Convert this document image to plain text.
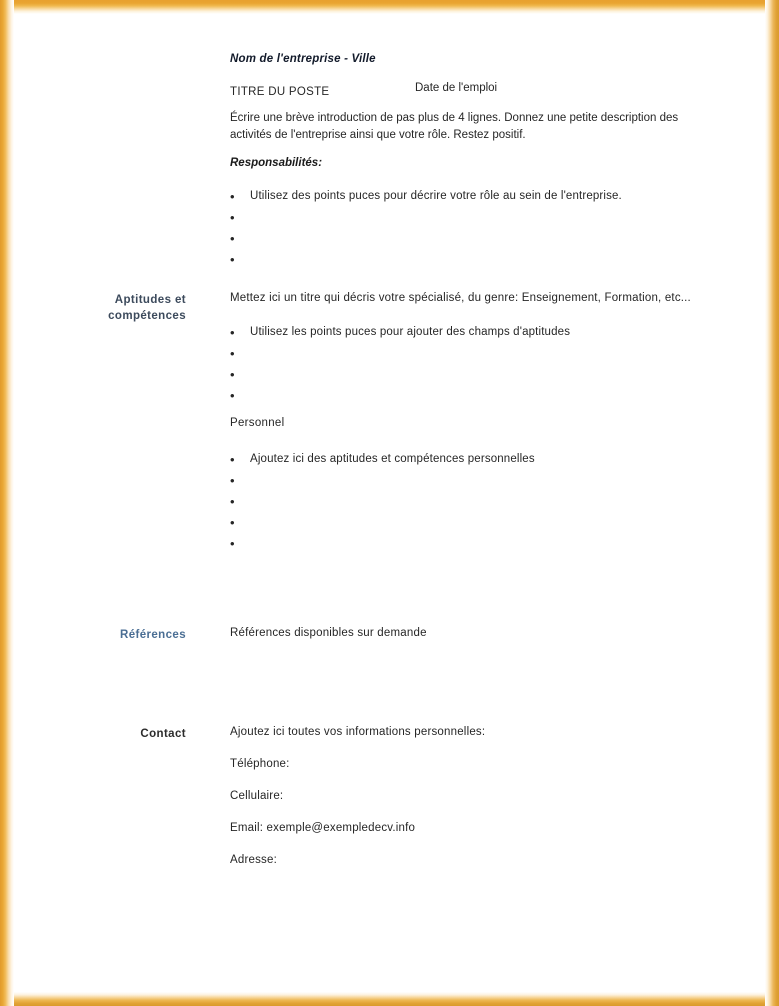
Nom de l'entreprise - Ville
TITRE DU POSTE	Date de l'emploi
Écrire une brève introduction de pas plus de 4 lignes. Donnez une petite description des activités de l'entreprise ainsi que votre rôle. Restez positif.
Responsabilités:
• Utilisez des points puces pour décrire votre rôle au sein de l'entreprise.
•
•
•
Aptitudes et
compétences
Mettez ici un titre qui décris votre spécialisé, du genre: Enseignement, Formation, etc...
• Utilisez les points puces pour ajouter des champs d'aptitudes
•
•
•
Personnel
• Ajoutez ici des aptitudes et compétences personnelles
•
•
•
•
Références	Références disponibles sur demande
Contact	Ajoutez ici toutes vos informations personnelles:
Téléphone:
Cellulaire:
Email: exemple@exempledecv.info
Adresse:
